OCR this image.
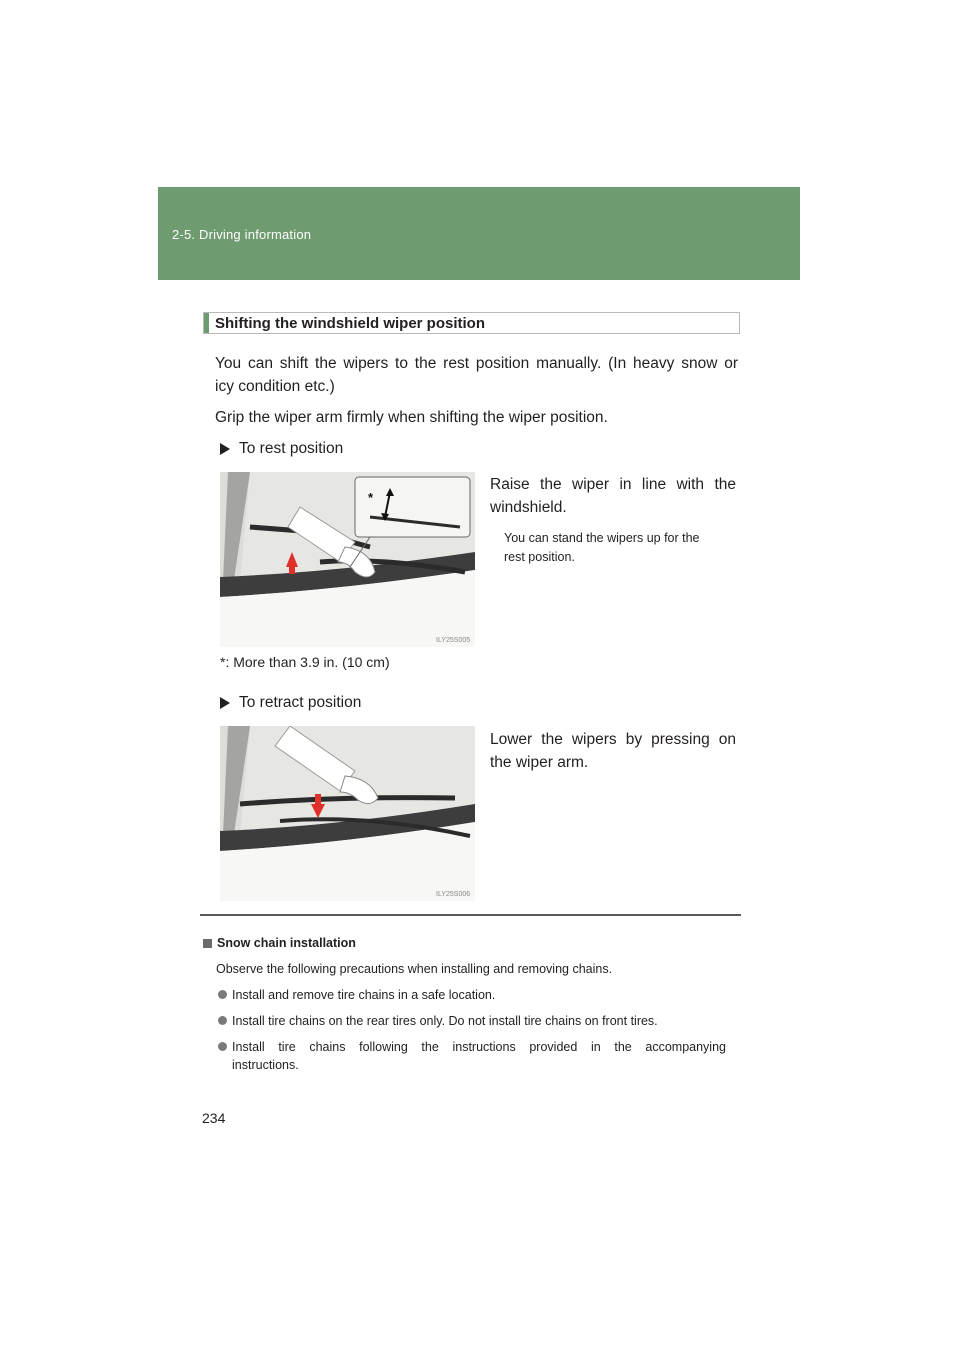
2-5. Driving information
Shifting the windshield wiper position
You can shift the wipers to the rest position manually. (In heavy snow or
icy condition etc.)
Grip the wiper arm firmly when shifting the wiper position.
To rest position
*
ILY25S005
Raise the wiper in line with the
windshield.
You can stand the wipers up for the
rest position.
*: More than 3.9 in. (10 cm)
To retract position
ILY25S006
Lower the wipers by pressing on
the wiper arm.
Snow chain installation
Observe the following precautions when installing and removing chains.
Install and remove tire chains in a safe location.
Install tire chains on the rear tires only. Do not install tire chains on front tires.
Install tire chains following the instructions provided in the accompanying
instructions.
234
